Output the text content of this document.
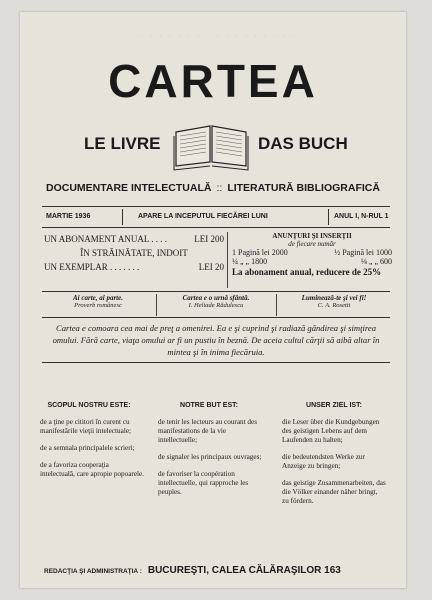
· · · · · · · · · · · · · · · · ·
CARTEA
LE LIVRE	DAS BUCH
DOCUMENTARE INTELECTUALĂ :: LITERATURĂ BIBLIOGRAFICĂ
MARTIE 1936	APARE LA INCEPUTUL FIECĂREI LUNI	ANUL I, N-RUL 1
UN ABONAMENT ANUAL . . . .	LEI 200
ÎN STRĂINĂTATE, INDOIT
UN EXEMPLAR . . . . . . .	LEI 20
ANUNŢURI ŞI INSERŢII
de fiecare număr
1 Pagină lei 2000	½ Pagină lei 1000
¼ „ „ 1800	⅛ „ „ 600
La abonament anual, reducere de 25%
Ai carte, ai parte.
Proverb românesc
Cartea e o urnă sfântă.
I. Heliade Rădulescu
Luminează-te şi vei fi!
C. A. Rosetti
Cartea e comoara cea mai de preţ a omenirei. Ea e şi cuprind şi radiază gândirea şi simţirea omului. Fără carte, viaţa omului ar fi un pustiu în beznă. De aceia cultul cărţii să aibă altar în mintea şi în inima fiecăruia.
SCOPUL NOSTRU ESTE:

de a ţine pe cititori în curent cu manifestările vieţii intelectuale;

de a semnala principalele scrieri;

de a favoriza cooperaţia intelectuală, care apropie popoarele.

NOTRE BUT EST:

de tenir les lecteurs au courant des manifestations de la vie intellectuelle;

de signaler les principaux ouvrages;

de favoriser la coopération intellectuelle, qui rapproche les peuples.

UNSER ZIEL IST:

die Leser über die Kundgebungen des geistigen Lebens auf dem Laufenden zu halten;

die bedeutendsten Werke zur Anzeige zu bringen;

das geistige Zusammenarbeiten, das die Völker einander näher bringt, zu fördern.

REDACŢIA ŞI ADMINISTRAŢIA : BUCUREŞTI, CALEA CĂLĂRAŞILOR 163
